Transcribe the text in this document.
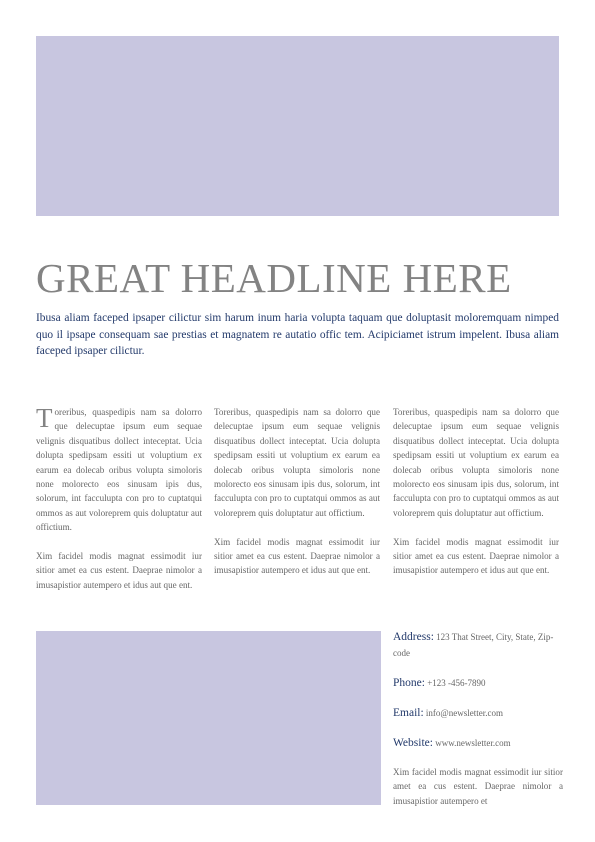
GREAT HEADLINE HERE

Ibusa aliam faceped ipsaper cilictur sim harum inum haria volupta taquam que doluptasit moloremquam nimped quo il ipsape consequam sae prestias et magnatem re autatio offic tem. Acipiciamet istrum impelent. Ibusa aliam faceped ipsaper cilictur.

Toreribus, quaspedipis nam sa dolorro que delecuptae ipsum eum sequae velignis disquatibus dollect inteceptat. Ucia dolupta spedipsam essiti ut voluptium ex earum ea dolecab oribus volupta simoloris none molorecto eos sinusam ipis dus, solorum, int facculupta con pro to cuptatqui ommos as aut voloreprem quis doluptatur aut offictium.

Xim facidel modis magnat essimodit iur sitior amet ea cus estent. Daeprae nimolor a imusapistior autempero et idus aut que ent.

Toreribus, quaspedipis nam sa dolorro que delecuptae ipsum eum sequae velignis disquatibus dollect inteceptat. Ucia dolupta spedipsam essiti ut voluptium ex earum ea dolecab oribus volupta simoloris none molorecto eos sinusam ipis dus, solorum, int facculupta con pro to cuptatqui ommos as aut voloreprem quis doluptatur aut offictium.

Xim facidel modis magnat essimodit iur sitior amet ea cus estent. Daeprae nimolor a imusapistior autempero et idus aut que ent.

Toreribus, quaspedipis nam sa dolorro que delecuptae ipsum eum sequae velignis disquatibus dollect inteceptat. Ucia dolupta spedipsam essiti ut voluptium ex earum ea dolecab oribus volupta simoloris none molorecto eos sinusam ipis dus, solorum, int facculupta con pro to cuptatqui ommos as aut voloreprem quis doluptatur aut offictium.

Xim facidel modis magnat essimodit iur sitior amet ea cus estent. Daeprae nimolor a imusapistior autempero et idus aut que ent.

Address: 123 That Street, City, State, Zip-code

Phone: +123 -456-7890

Email: info@newsletter.com

Website: www.newsletter.com

Xim facidel modis magnat essimodit iur sitior amet ea cus estent. Daeprae nimolor a imusapistior autempero et
